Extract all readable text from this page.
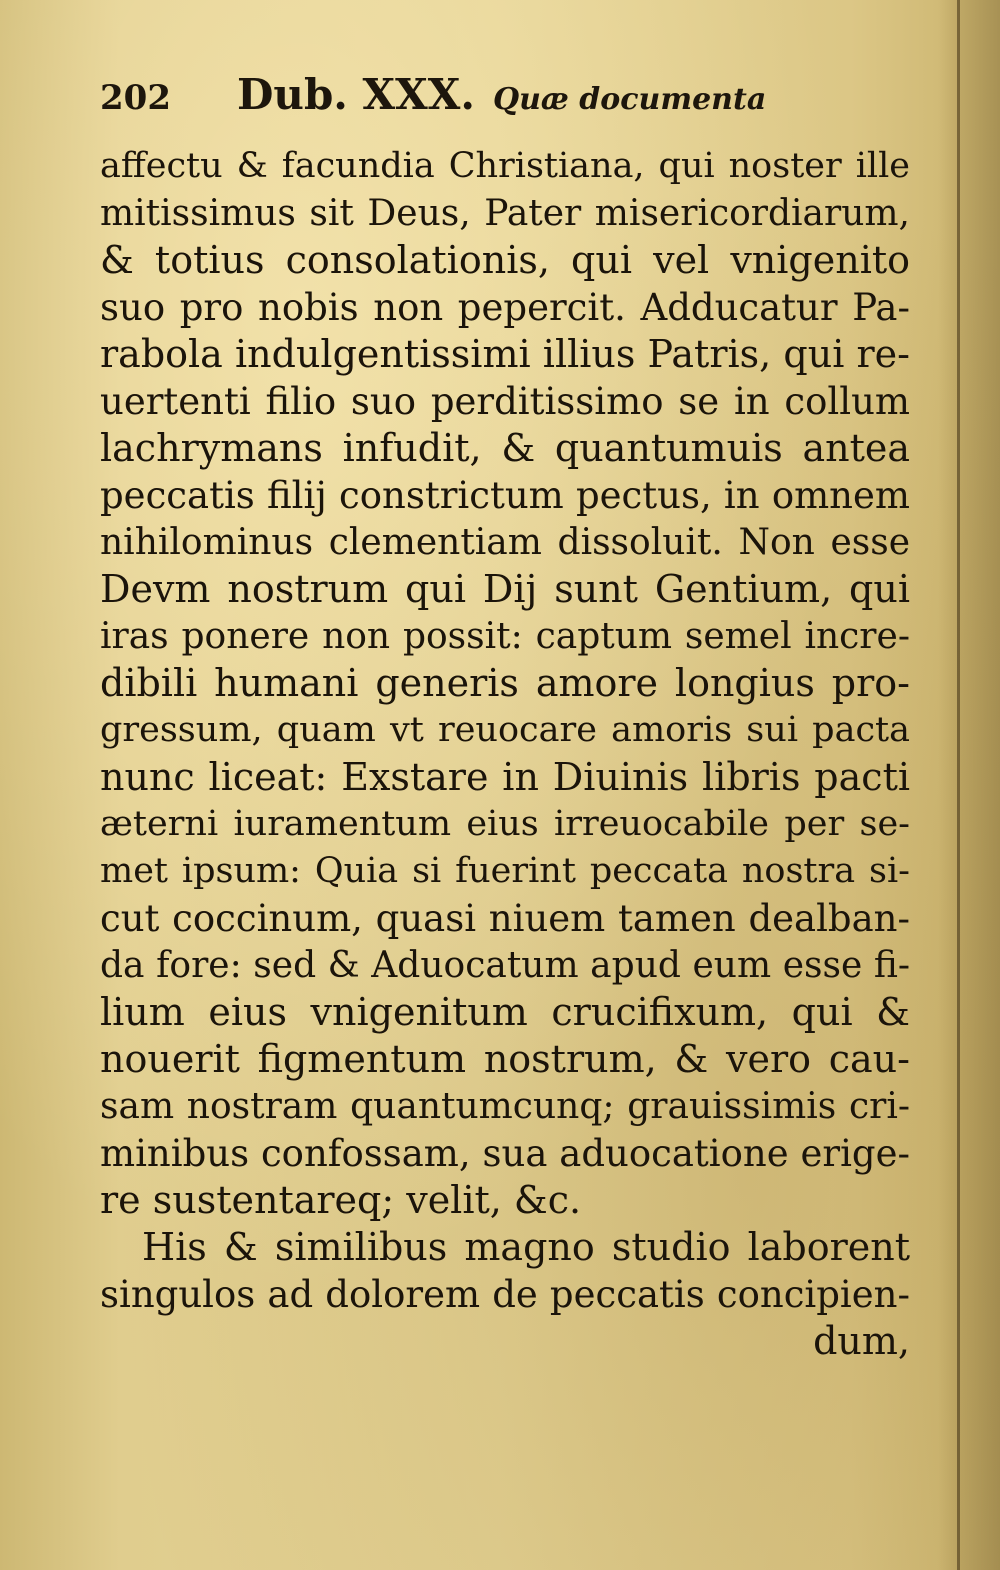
202 Dub. XXX. Quæ documenta
affectu & facundia Christiana, qui noster ille
mitissimus sit Deus, Pater misericordiarum,
& totius consolationis, qui vel vnigenito
suo pro nobis non pepercit. Adducatur Pa-
rabola indulgentissimi illius Patris, qui re-
uertenti filio suo perditissimo se in collum
lachrymans infudit, & quantumuis antea
peccatis filij constrictum pectus, in omnem
nihilominus clementiam dissoluit. Non esse
Devm nostrum qui Dij sunt Gentium, qui
iras ponere non possit: captum semel incre-
dibili humani generis amore longius pro-
gressum, quam vt reuocare amoris sui pacta
nunc liceat: Exstare in Diuinis libris pacti
æterni iuramentum eius irreuocabile per se-
met ipsum: Quia si fuerint peccata nostra si-
cut coccinum, quasi niuem tamen dealban-
da fore: sed & Aduocatum apud eum esse fi-
lium eius vnigenitum crucifixum, qui &
nouerit figmentum nostrum, & vero cau-
sam nostram quantumcunq; grauissimis cri-
minibus confossam, sua aduocatione erige-
re sustentareq; velit, &c.
His & similibus magno studio laborent
singulos ad dolorem de peccatis concipien-
dum,
